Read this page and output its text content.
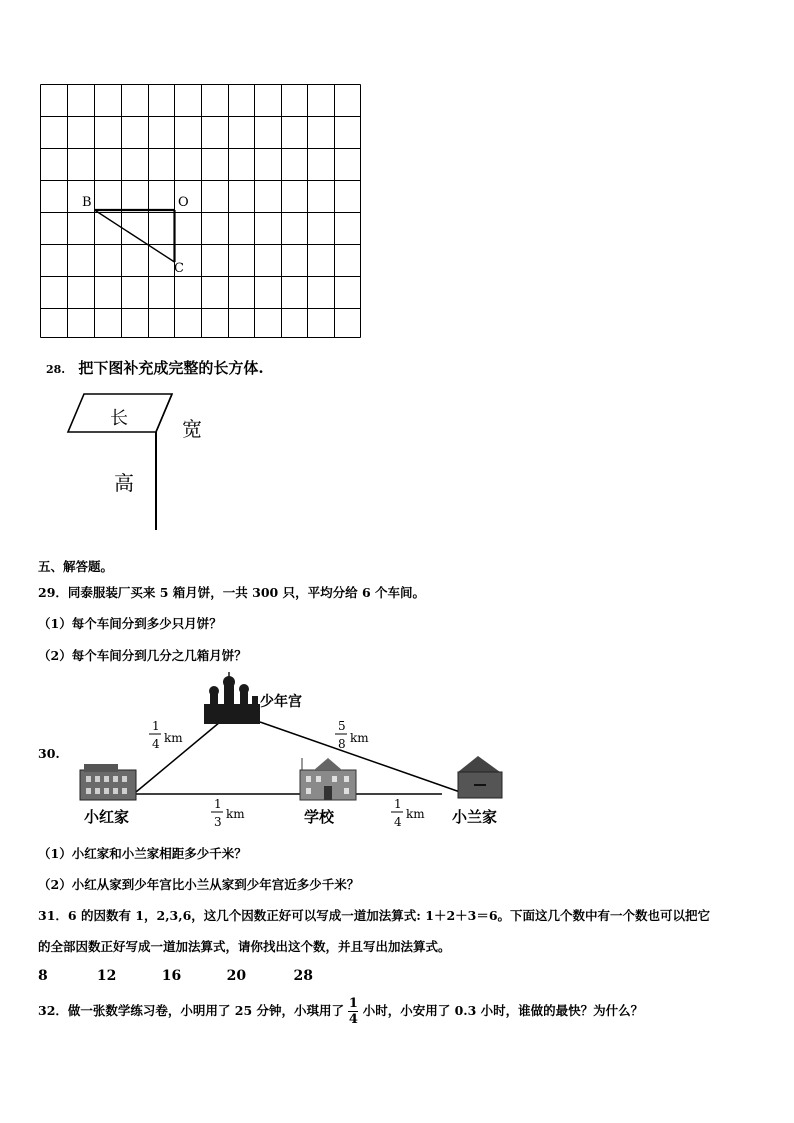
B	O
C
28. 把下图补充成完整的长方体.
长	宽
高
五、解答题。
29．同泰服装厂买来 5 箱月饼，一共 300 只，平均分给 6 个车间。
（1）每个车间分到多少只月饼？
（2）每个车间分到几分之几箱月饼？
30.
少年宫
小红家	学校	小兰家
1
4 km
5
8 km
1
3
km
1
4
km
（1）小红家和小兰家相距多少千米？
（2）小红从家到少年宫比小兰从家到少年宫近多少千米？
31．6 的因数有 1，2,3,6，这几个因数正好可以写成一道加法算式: 1＋2＋3＝6。下面这几个数中有一个数也可以把它
的全部因数正好写成一道加法算式，请你找出这个数，并且写出加法算式。
8	12	16	20	28
32．做一张数学练习卷，小明用了 25 分钟，小琪用了 $\frac{1}{4}$ 小时，小安用了 0.3 小时，谁做的最快？为什么？
